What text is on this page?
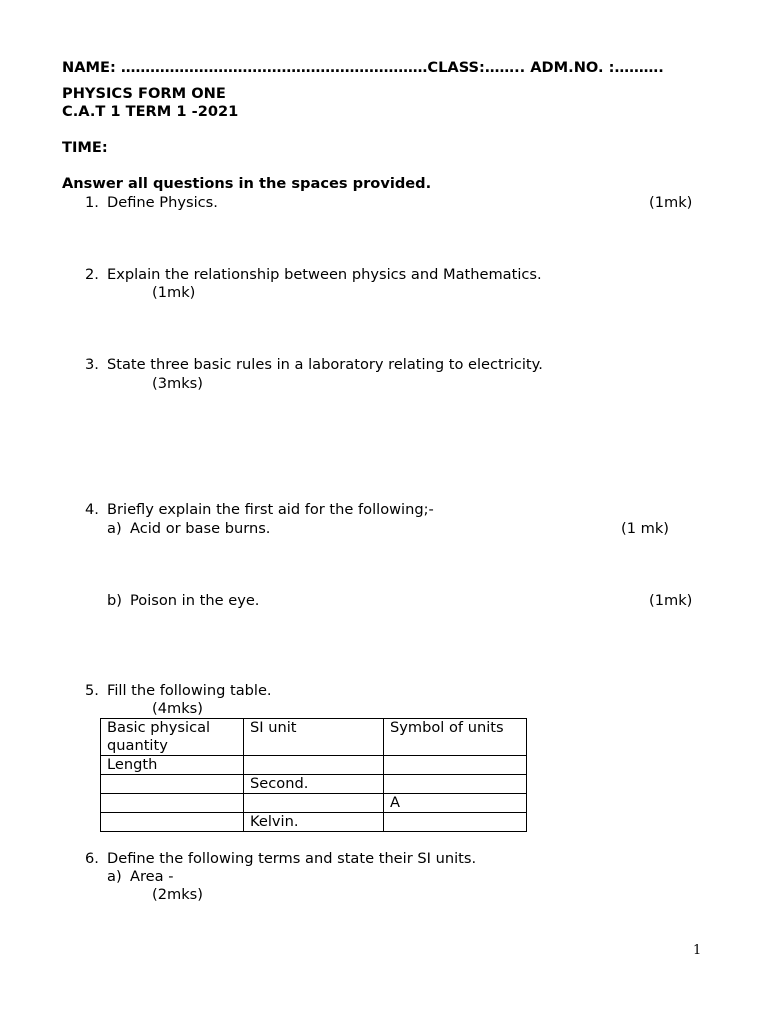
NAME: ………………………………………………………CLASS:…….. ADM.NO. :……….
PHYSICS FORM ONE
C.A.T 1 TERM 1 -2021
TIME:
Answer all questions in the spaces provided.
1. Define Physics.	(1mk)
2. Explain the relationship between physics and Mathematics.
(1mk)
3. State three basic rules in a laboratory relating to electricity.
(3mks)
4. Briefly explain the first aid for the following;-
a) Acid or base burns.	(1 mk)
b) Poison in the eye.	(1mk)
5. Fill the following table.
(4mks)
Basic physical quantity	SI unit	Symbol of units
Length		
	Second.	
		A
	Kelvin.	
6. Define the following terms and state their SI units.
a) Area -
(2mks)
1
